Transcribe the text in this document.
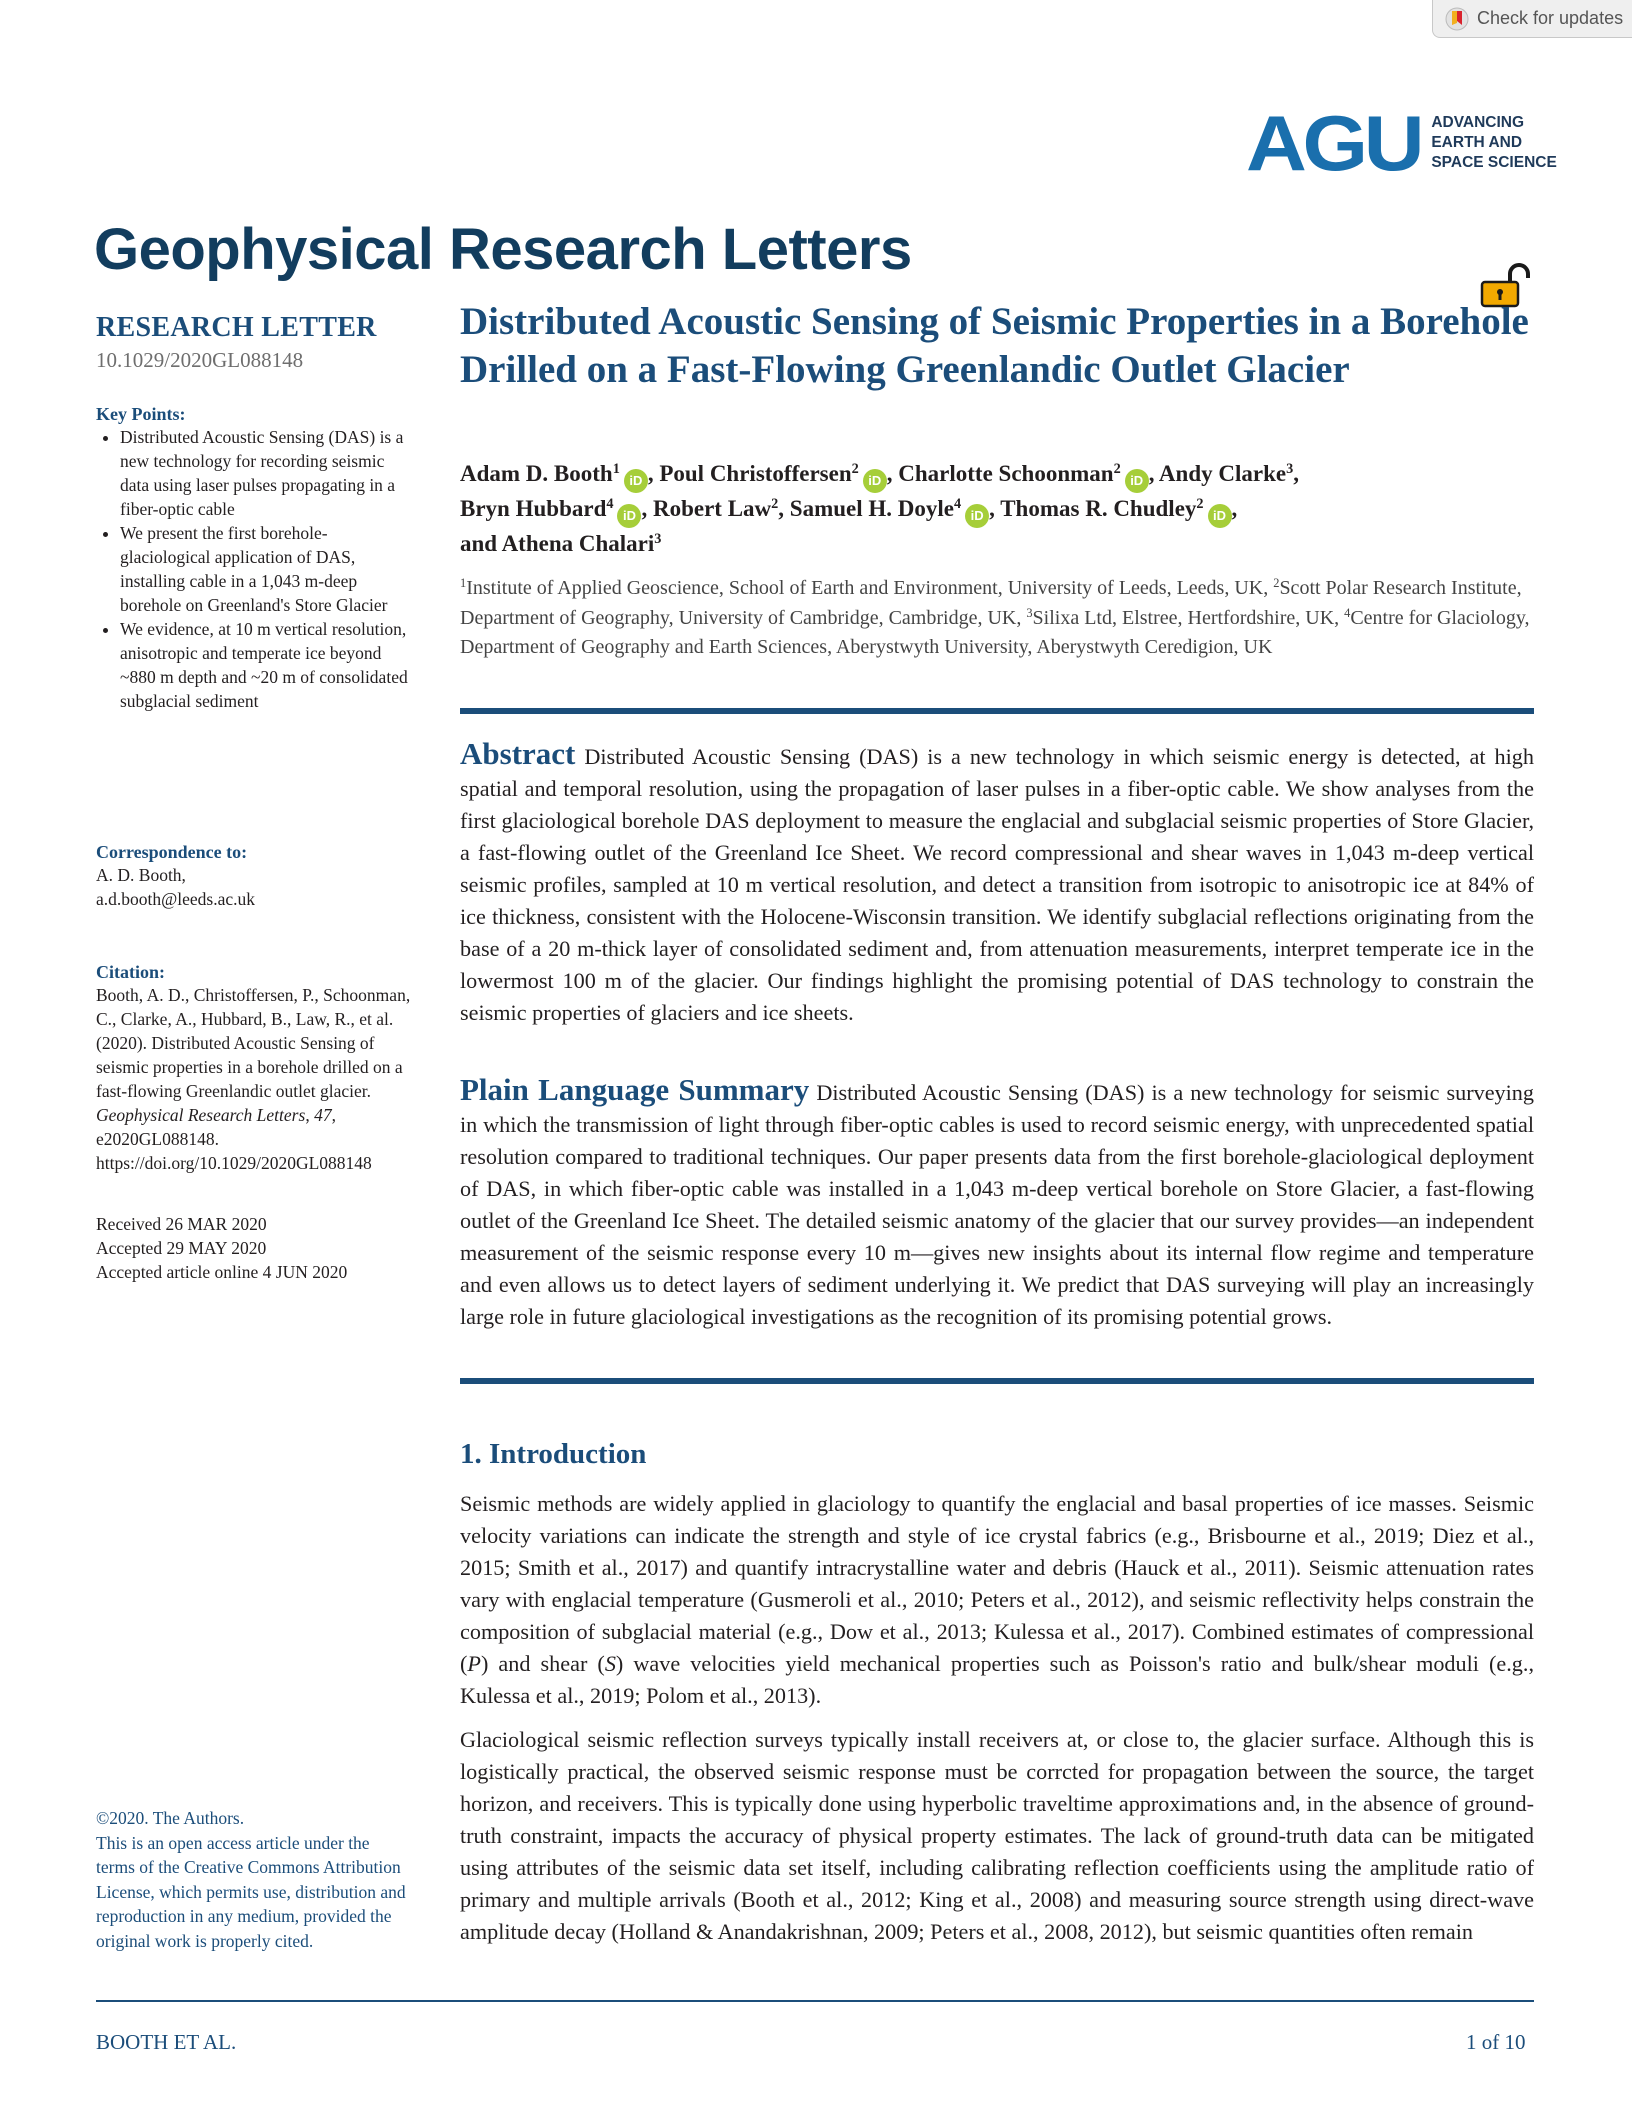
Check for updates
AGU ADVANCING
EARTH AND
SPACE SCIENCE
Geophysical Research Letters
RESEARCH LETTER
10.1029/2020GL088148
Key Points:
• Distributed Acoustic Sensing (DAS) is a new technology for recording seismic data using laser pulses propagating in a fiber-optic cable
• We present the first borehole-glaciological application of DAS, installing cable in a 1,043 m-deep borehole on Greenland's Store Glacier
• We evidence, at 10 m vertical resolution, anisotropic and temperate ice beyond ~880 m depth and ~20 m of consolidated subglacial sediment
Correspondence to:
A. D. Booth,
a.d.booth@leeds.ac.uk
Citation:
Booth, A. D., Christoffersen, P., Schoonman, C., Clarke, A., Hubbard, B., Law, R., et al. (2020). Distributed Acoustic Sensing of seismic properties in a borehole drilled on a fast-flowing Greenlandic outlet glacier. Geophysical Research Letters, 47, e2020GL088148. https://doi.org/10.1029/2020GL088148
Received 26 MAR 2020
Accepted 29 MAY 2020
Accepted article online 4 JUN 2020
©2020. The Authors.
This is an open access article under the terms of the Creative Commons Attribution License, which permits use, distribution and reproduction in any medium, provided the original work is properly cited.
Distributed Acoustic Sensing of Seismic Properties in a Borehole Drilled on a Fast-Flowing Greenlandic Outlet Glacier
Adam D. Booth$^1$iD , Poul Christoffersen$^2$iD , Charlotte Schoonman$^2$iD , Andy Clarke$^3$,
Bryn Hubbard$^4$iD , Robert Law$^2$, Samuel H. Doyle$^4$iD , Thomas R. Chudley$^2$iD ,
and Athena Chalari$^3$
$^1$Institute of Applied Geoscience, School of Earth and Environment, University of Leeds, Leeds, UK, $^2$Scott Polar Research Institute, Department of Geography, University of Cambridge, Cambridge, UK, $^3$Silixa Ltd, Elstree, Hertfordshire, UK, $^4$Centre for Glaciology, Department of Geography and Earth Sciences, Aberystwyth University, Aberystwyth Ceredigion, UK
Abstract Distributed Acoustic Sensing (DAS) is a new technology in which seismic energy is detected, at high spatial and temporal resolution, using the propagation of laser pulses in a fiber-optic cable. We show analyses from the first glaciological borehole DAS deployment to measure the englacial and subglacial seismic properties of Store Glacier, a fast-flowing outlet of the Greenland Ice Sheet. We record compressional and shear waves in 1,043 m-deep vertical seismic profiles, sampled at 10 m vertical resolution, and detect a transition from isotropic to anisotropic ice at 84% of ice thickness, consistent with the Holocene-Wisconsin transition. We identify subglacial reflections originating from the base of a 20 m-thick layer of consolidated sediment and, from attenuation measurements, interpret temperate ice in the lowermost 100 m of the glacier. Our findings highlight the promising potential of DAS technology to constrain the seismic properties of glaciers and ice sheets.
Plain Language Summary Distributed Acoustic Sensing (DAS) is a new technology for seismic surveying in which the transmission of light through fiber-optic cables is used to record seismic energy, with unprecedented spatial resolution compared to traditional techniques. Our paper presents data from the first borehole-glaciological deployment of DAS, in which fiber-optic cable was installed in a 1,043 m-deep vertical borehole on Store Glacier, a fast-flowing outlet of the Greenland Ice Sheet. The detailed seismic anatomy of the glacier that our survey provides—an independent measurement of the seismic response every 10 m—gives new insights about its internal flow regime and temperature and even allows us to detect layers of sediment underlying it. We predict that DAS surveying will play an increasingly large role in future glaciological investigations as the recognition of its promising potential grows.
1. Introduction
Seismic methods are widely applied in glaciology to quantify the englacial and basal properties of ice masses. Seismic velocity variations can indicate the strength and style of ice crystal fabrics (e.g., Brisbourne et al., 2019; Diez et al., 2015; Smith et al., 2017) and quantify intracrystalline water and debris (Hauck et al., 2011). Seismic attenuation rates vary with englacial temperature (Gusmeroli et al., 2010; Peters et al., 2012), and seismic reflectivity helps constrain the composition of subglacial material (e.g., Dow et al., 2013; Kulessa et al., 2017). Combined estimates of compressional (P) and shear (S) wave velocities yield mechanical properties such as Poisson's ratio and bulk/shear moduli (e.g., Kulessa et al., 2019; Polom et al., 2013).
Glaciological seismic reflection surveys typically install receivers at, or close to, the glacier surface. Although this is logistically practical, the observed seismic response must be corrcted for propagation between the source, the target horizon, and receivers. This is typically done using hyperbolic traveltime approximations and, in the absence of ground-truth constraint, impacts the accuracy of physical property estimates. The lack of ground-truth data can be mitigated using attributes of the seismic data set itself, including calibrating reflection coefficients using the amplitude ratio of primary and multiple arrivals (Booth et al., 2012; King et al., 2008) and measuring source strength using direct-wave amplitude decay (Holland & Anandakrishnan, 2009; Peters et al., 2008, 2012), but seismic quantities often remain
BOOTH ET AL.	1 of 10
